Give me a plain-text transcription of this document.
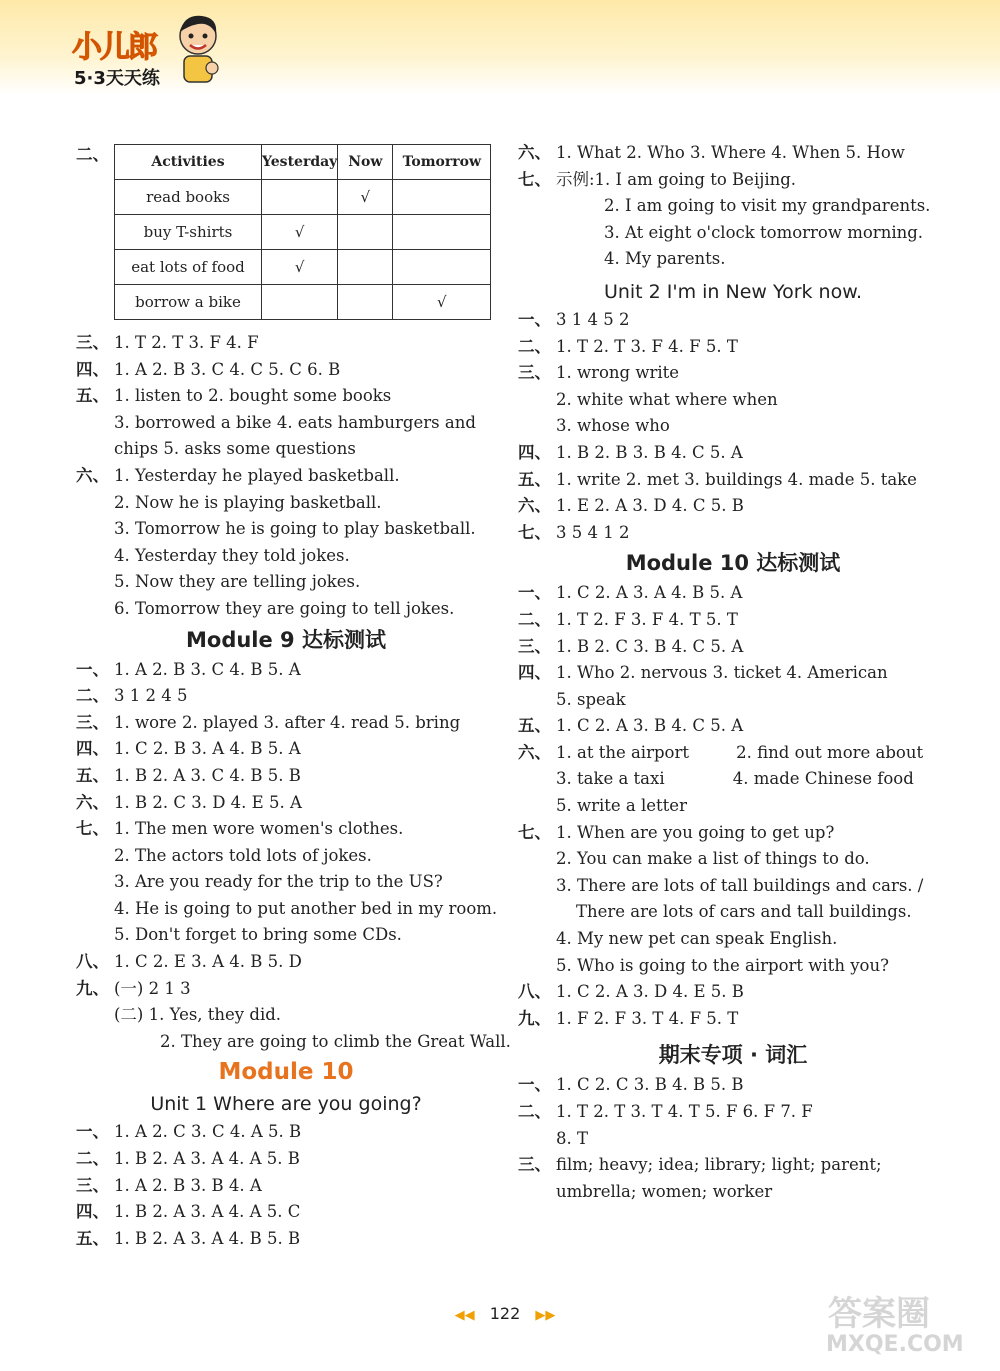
小儿郎
5·3天天练
二、	Activities	Yesterday	Now	Tomorrow
read books		√	
buy T-shirts	√		
eat lots of food	√		
borrow a bike			√
三、 1. T 2. T 3. F 4. F
四、 1. A 2. B 3. C 4. C 5. C 6. B
五、 1. listen to 2. bought some books
3. borrowed a bike 4. eats hamburgers and
chips 5. asks some questions
六、 1. Yesterday he played basketball.
2. Now he is playing basketball.
3. Tomorrow he is going to play basketball.
4. Yesterday they told jokes.
5. Now they are telling jokes.
6. Tomorrow they are going to tell jokes.
Module 9 达标测试
一、 1. A 2. B 3. C 4. B 5. A
二、 3 1 2 4 5
三、 1. wore 2. played 3. after 4. read 5. bring
四、 1. C 2. B 3. A 4. B 5. A
五、 1. B 2. A 3. C 4. B 5. B
六、 1. B 2. C 3. D 4. E 5. A
七、 1. The men wore women's clothes.
2. The actors told lots of jokes.
3. Are you ready for the trip to the US?
4. He is going to put another bed in my room.
5. Don't forget to bring some CDs.
八、 1. C 2. E 3. A 4. B 5. D
九、 (一) 2 1 3
(二) 1. Yes, they did.
2. They are going to climb the Great Wall.
Module 10
Unit 1 Where are you going?
一、 1. A 2. C 3. C 4. A 5. B
二、 1. B 2. A 3. A 4. A 5. B
三、 1. A 2. B 3. B 4. A
四、 1. B 2. A 3. A 4. A 5. C
五、 1. B 2. A 3. A 4. B 5. B
六、 1. What 2. Who 3. Where 4. When 5. How
七、 示例:1. I am going to Beijing.
2. I am going to visit my grandparents.
3. At eight o'clock tomorrow morning.
4. My parents.
Unit 2 I'm in New York now.
一、 3 1 4 5 2
二、 1. T 2. T 3. F 4. F 5. T
三、 1. wrong write
2. white what where when
3. whose who
四、 1. B 2. B 3. B 4. C 5. A
五、 1. write 2. met 3. buildings 4. made 5. take
六、 1. E 2. A 3. D 4. C 5. B
七、 3 5 4 1 2
Module 10 达标测试
一、 1. C 2. A 3. A 4. B 5. A
二、 1. T 2. F 3. F 4. T 5. T
三、 1. B 2. C 3. B 4. C 5. A
四、 1. Who 2. nervous 3. ticket 4. American
5. speak
五、 1. C 2. A 3. B 4. C 5. A
六、 1. at the airport         2. find out more about
3. take a taxi             4. made Chinese food
5. write a letter
七、 1. When are you going to get up?
2. You can make a list of things to do.
3. There are lots of tall buildings and cars. /
There are lots of cars and tall buildings.
4. My new pet can speak English.
5. Who is going to the airport with you?
八、 1. C 2. A 3. D 4. E 5. B
九、 1. F 2. F 3. T 4. F 5. T
期末专项 · 词汇
一、 1. C 2. C 3. B 4. B 5. B
二、 1. T 2. T 3. T 4. T 5. F 6. F 7. F
8. T
三、 film; heavy; idea; library; light; parent;
umbrella; women; worker
◀◀ 122 ▶▶	答案圈
MXQE.COM
